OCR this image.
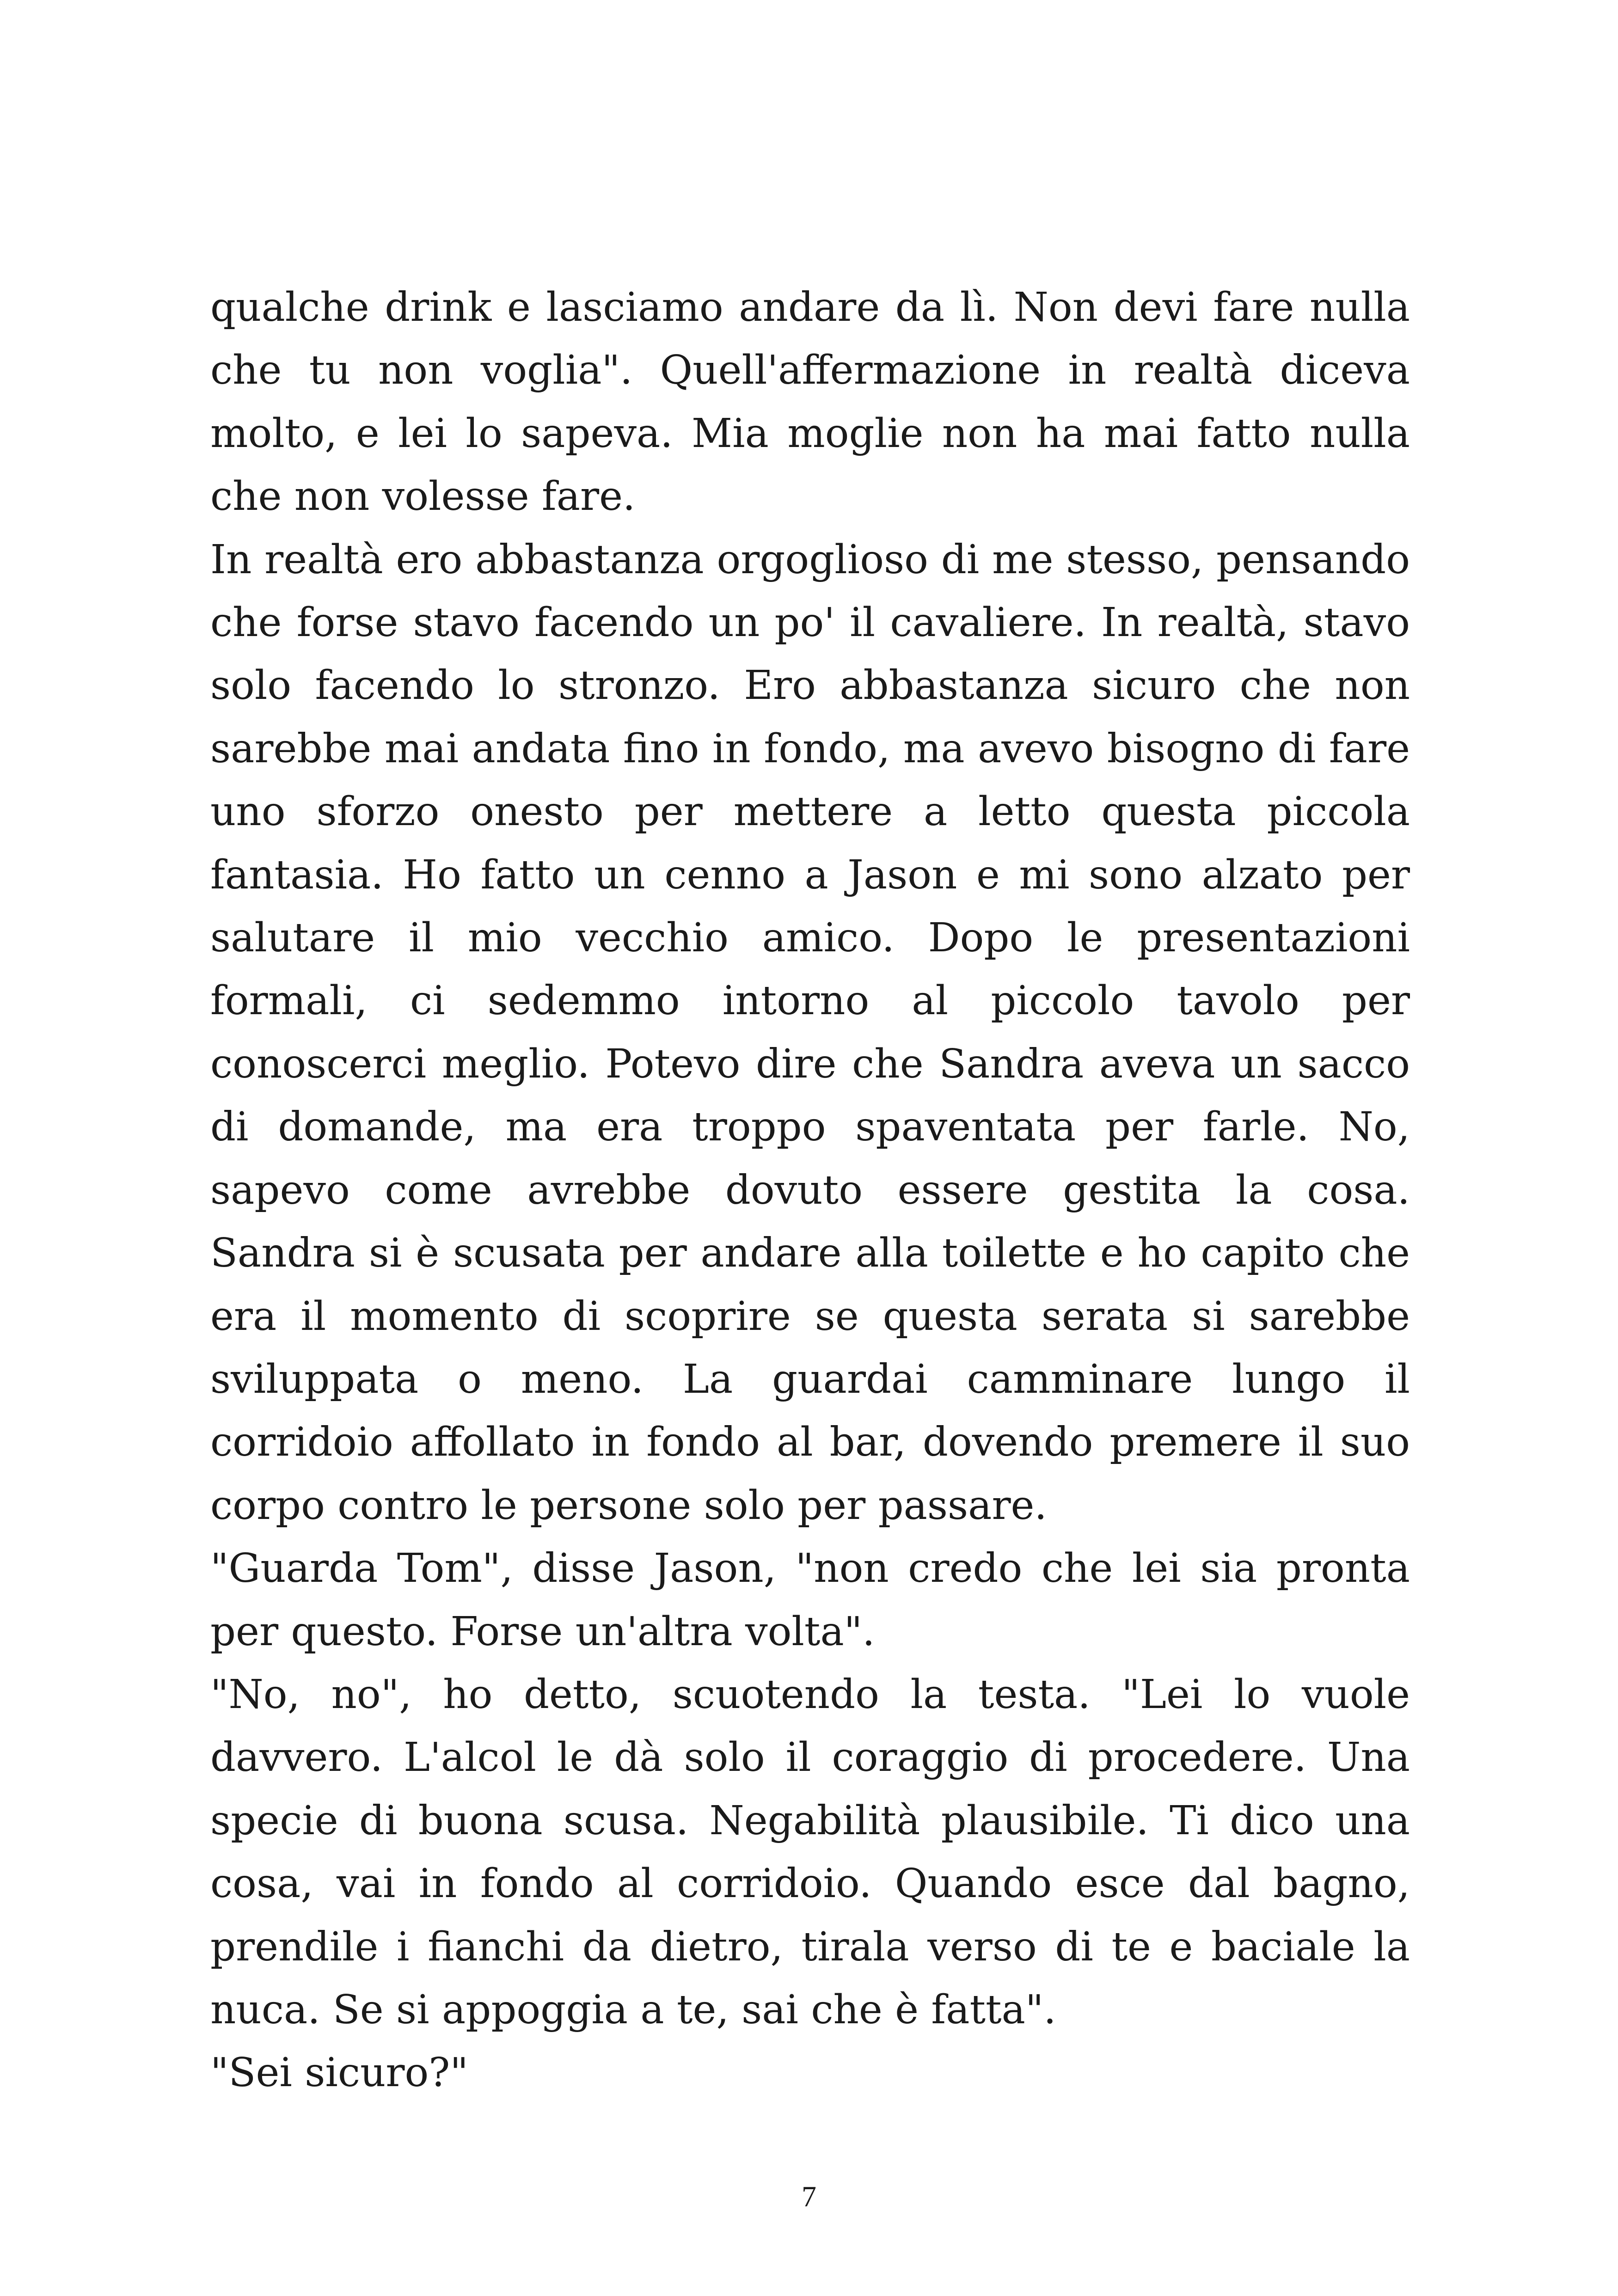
qualche drink e lasciamo andare da lì. Non devi fare nulla che tu non voglia". Quell'affermazione in realtà diceva molto, e lei lo sapeva. Mia moglie non ha mai fatto nulla che non volesse fare.

In realtà ero abbastanza orgoglioso di me stesso, pensando che forse stavo facendo un po' il cavaliere. In realtà, stavo solo facendo lo stronzo. Ero abbastanza sicuro che non sarebbe mai andata fino in fondo, ma avevo bisogno di fare uno sforzo onesto per mettere a letto questa piccola fantasia. Ho fatto un cenno a Jason e mi sono alzato per salutare il mio vecchio amico. Dopo le presentazioni formali, ci sedemmo intorno al piccolo tavolo per conoscerci meglio. Potevo dire che Sandra aveva un sacco di domande, ma era troppo spaventata per farle. No, sapevo come avrebbe dovuto essere gestita la cosa. Sandra si è scusata per andare alla toilette e ho capito che era il momento di scoprire se questa serata si sarebbe sviluppata o meno. La guardai camminare lungo il corridoio affollato in fondo al bar, dovendo premere il suo corpo contro le persone solo per passare.

"Guarda Tom", disse Jason, "non credo che lei sia pronta per questo. Forse un'altra volta".

"No, no", ho detto, scuotendo la testa. "Lei lo vuole davvero. L'alcol le dà solo il coraggio di procedere. Una specie di buona scusa. Negabilità plausibile. Ti dico una cosa, vai in fondo al corridoio. Quando esce dal bagno, prendile i fianchi da dietro, tirala verso di te e baciale la nuca. Se si appoggia a te, sai che è fatta".

"Sei sicuro?"

7
